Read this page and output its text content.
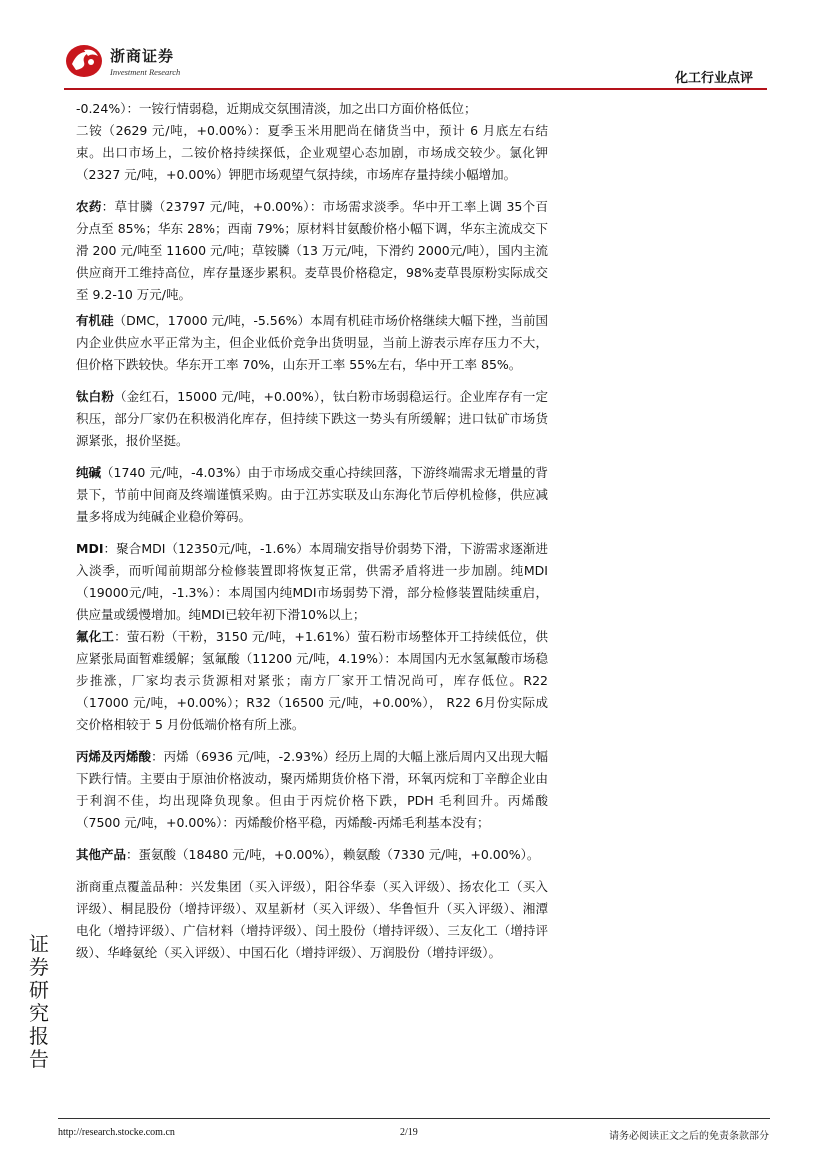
浙商证券
Investment Research	化工行业点评

-0.24%）：一铵行情弱稳，近期成交氛围清淡，加之出口方面价格低位；

二铵（2629 元/吨，+0.00%）：夏季玉米用肥尚在储货当中，预计 6 月底左右结束。出口市场上，二铵价格持续探低，企业观望心态加剧，市场成交较少。氯化钾（2327 元/吨，+0.00%）钾肥市场观望气氛持续，市场库存量持续小幅增加。

农药：草甘膦（23797 元/吨，+0.00%）：市场需求淡季。华中开工率上调 35个百分点至 85%；华东 28%；西南 79%；原材料甘氨酸价格小幅下调，华东主流成交下滑 200 元/吨至 11600 元/吨；草铵膦（13 万元/吨，下滑约 2000元/吨），国内主流供应商开工维持高位，库存量逐步累积。麦草畏价格稳定，98%麦草畏原粉实际成交至 9.2-10 万元/吨。

有机硅（DMC，17000 元/吨，-5.56%）本周有机硅市场价格继续大幅下挫，当前国内企业供应水平正常为主，但企业低价竞争出货明显，当前上游表示库存压力不大，但价格下跌较快。华东开工率 70%，山东开工率 55%左右，华中开工率 85%。

钛白粉（金红石，15000 元/吨，+0.00%），钛白粉市场弱稳运行。企业库存有一定积压，部分厂家仍在积极消化库存，但持续下跌这一势头有所缓解；进口钛矿市场货源紧张，报价坚挺。

纯碱（1740 元/吨，-4.03%）由于市场成交重心持续回落，下游终端需求无增量的背景下，节前中间商及终端谨慎采购。由于江苏实联及山东海化节后停机检修，供应减量多将成为纯碱企业稳价筹码。

MDI：聚合MDI（12350元/吨，-1.6%）本周瑞安指导价弱势下滑，下游需求逐渐进入淡季，而听闻前期部分检修装置即将恢复正常，供需矛盾将进一步加剧。纯MDI（19000元/吨，-1.3%）：本周国内纯MDI市场弱势下滑，部分检修装置陆续重启，供应量或缓慢增加。纯MDI已较年初下滑10%以上；

氟化工：萤石粉（干粉，3150 元/吨，+1.61%）萤石粉市场整体开工持续低位，供应紧张局面暂难缓解；氢氟酸（11200 元/吨，4.19%）：本周国内无水氢氟酸市场稳步推涨，厂家均表示货源相对紧张；南方厂家开工情况尚可，库存低位。R22（17000 元/吨，+0.00%）；R32（16500 元/吨，+0.00%）， R22 6月份实际成交价格相较于 5 月份低端价格有所上涨。

丙烯及丙烯酸：丙烯（6936 元/吨，-2.93%）经历上周的大幅上涨后周内又出现大幅下跌行情。主要由于原油价格波动，聚丙烯期货价格下滑，环氧丙烷和丁辛醇企业由于利润不佳，均出现降负现象。但由于丙烷价格下跌，PDH 毛利回升。丙烯酸（7500 元/吨，+0.00%）：丙烯酸价格平稳，丙烯酸-丙烯毛利基本没有；

其他产品：蛋氨酸（18480 元/吨，+0.00%），赖氨酸（7330 元/吨，+0.00%）。

浙商重点覆盖品种：兴发集团（买入评级），阳谷华泰（买入评级）、扬农化工（买入评级）、桐昆股份（增持评级）、双星新材（买入评级）、华鲁恒升（买入评级）、湘潭电化（增持评级）、广信材料（增持评级）、闰土股份（增持评级）、三友化工（增持评级）、华峰氨纶（买入评级）、中国石化（增持评级）、万润股份（增持评级）。

证
券
研
究
报
告
http://research.stocke.com.cn	2/19	请务必阅读正文之后的免责条款部分
